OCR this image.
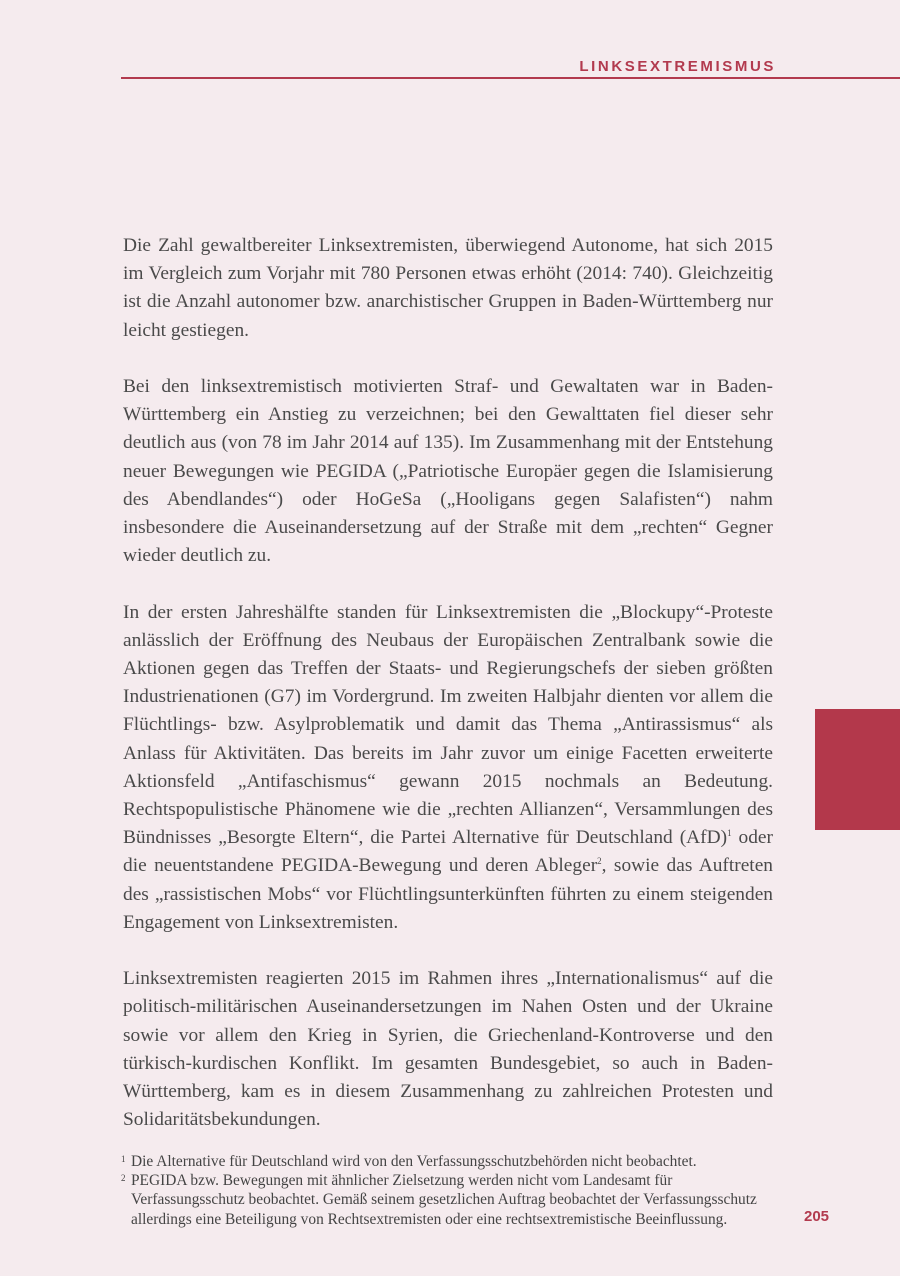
LINKSEXTREMISMUS

Die Zahl gewaltbereiter Linksextremisten, überwiegend Autonome, hat sich 2015 im Vergleich zum Vorjahr mit 780 Personen etwas erhöht (2014: 740). Gleichzeitig ist die Anzahl autonomer bzw. anarchistischer Gruppen in Baden-Württemberg nur leicht gestiegen.

Bei den linksextremistisch motivierten Straf- und Gewaltaten war in Baden-Württemberg ein Anstieg zu verzeichnen; bei den Gewalttaten fiel dieser sehr deutlich aus (von 78 im Jahr 2014 auf 135). Im Zusammenhang mit der Entstehung neuer Bewegungen wie PEGIDA („Patriotische Europäer gegen die Islamisierung des Abendlandes“) oder HoGeSa („Hooligans gegen Salafisten“) nahm insbesondere die Auseinandersetzung auf der Straße mit dem „rechten“ Gegner wieder deutlich zu.

In der ersten Jahreshälfte standen für Linksextremisten die „Blockupy“-Proteste anlässlich der Eröffnung des Neubaus der Europäischen Zentralbank sowie die Aktionen gegen das Treffen der Staats- und Regierungschefs der sieben größten Industrienationen (G7) im Vordergrund. Im zweiten Halbjahr dienten vor allem die Flüchtlings- bzw. Asylproblematik und damit das Thema „Antirassismus“ als Anlass für Aktivitäten. Das bereits im Jahr zuvor um einige Facetten erweiterte Aktionsfeld „Antifaschismus“ gewann 2015 nochmals an Bedeutung. Rechtspopulistische Phänomene wie die „rechten Allianzen“, Versammlungen des Bündnisses „Besorgte Eltern“, die Partei Alternative für Deutschland (AfD)$^1$ oder die neuentstandene PEGIDA-Bewegung und deren Ableger$^2$, sowie das Auftreten des „rassistischen Mobs“ vor Flüchtlingsunterkünften führten zu einem steigenden Engagement von Linksextremisten.

Linksextremisten reagierten 2015 im Rahmen ihres „Internationalismus“ auf die politisch-militärischen Auseinandersetzungen im Nahen Osten und der Ukraine sowie vor allem den Krieg in Syrien, die Griechenland-Kontroverse und den türkisch-kurdischen Konflikt. Im gesamten Bundesgebiet, so auch in Baden-Württemberg, kam es in diesem Zusammenhang zu zahlreichen Protesten und Solidaritätsbekundungen.

1 Die Alternative für Deutschland wird von den Verfassungsschutzbehörden nicht beobachtet.

2 PEGIDA bzw. Bewegungen mit ähnlicher Zielsetzung werden nicht vom Landesamt für Verfassungsschutz beobachtet. Gemäß seinem gesetzlichen Auftrag beobachtet der Verfassungsschutz allerdings eine Beteiligung von Rechtsextremisten oder eine rechtsextremistische Beeinflussung.	205
